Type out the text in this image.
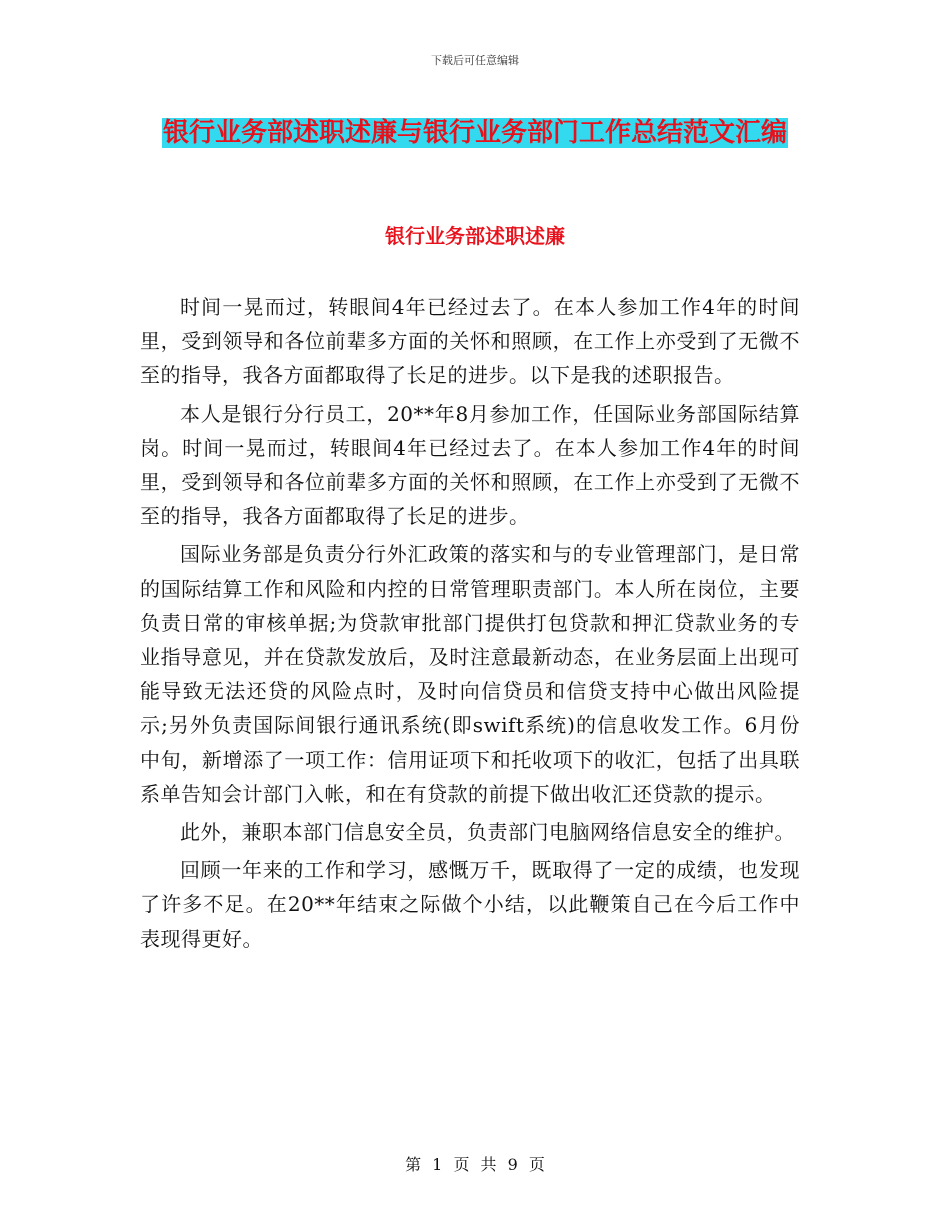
下载后可任意编辑
银行业务部述职述廉与银行业务部门工作总结范文汇编
银行业务部述职述廉

时间一晃而过，转眼间4年已经过去了。在本人参加工作4年的时间里，受到领导和各位前辈多方面的关怀和照顾，在工作上亦受到了无微不至的指导，我各方面都取得了长足的进步。以下是我的述职报告。

本人是银行分行员工，20**年8月参加工作，任国际业务部国际结算岗。时间一晃而过，转眼间4年已经过去了。在本人参加工作4年的时间里，受到领导和各位前辈多方面的关怀和照顾，在工作上亦受到了无微不至的指导，我各方面都取得了长足的进步。

国际业务部是负责分行外汇政策的落实和与的专业管理部门，是日常的国际结算工作和风险和内控的日常管理职责部门。本人所在岗位，主要负责日常的审核单据;为贷款审批部门提供打包贷款和押汇贷款业务的专业指导意见，并在贷款发放后，及时注意最新动态，在业务层面上出现可能导致无法还贷的风险点时，及时向信贷员和信贷支持中心做出风险提示;另外负责国际间银行通讯系统(即swift系统)的信息收发工作。6月份中旬，新增添了一项工作：信用证项下和托收项下的收汇，包括了出具联系单告知会计部门入帐，和在有贷款的前提下做出收汇还贷款的提示。

此外，兼职本部门信息安全员，负责部门电脑网络信息安全的维护。

回顾一年来的工作和学习，感慨万千，既取得了一定的成绩，也发现了许多不足。在20**年结束之际做个小结，以此鞭策自己在今后工作中表现得更好。

第 1 页 共 9 页
